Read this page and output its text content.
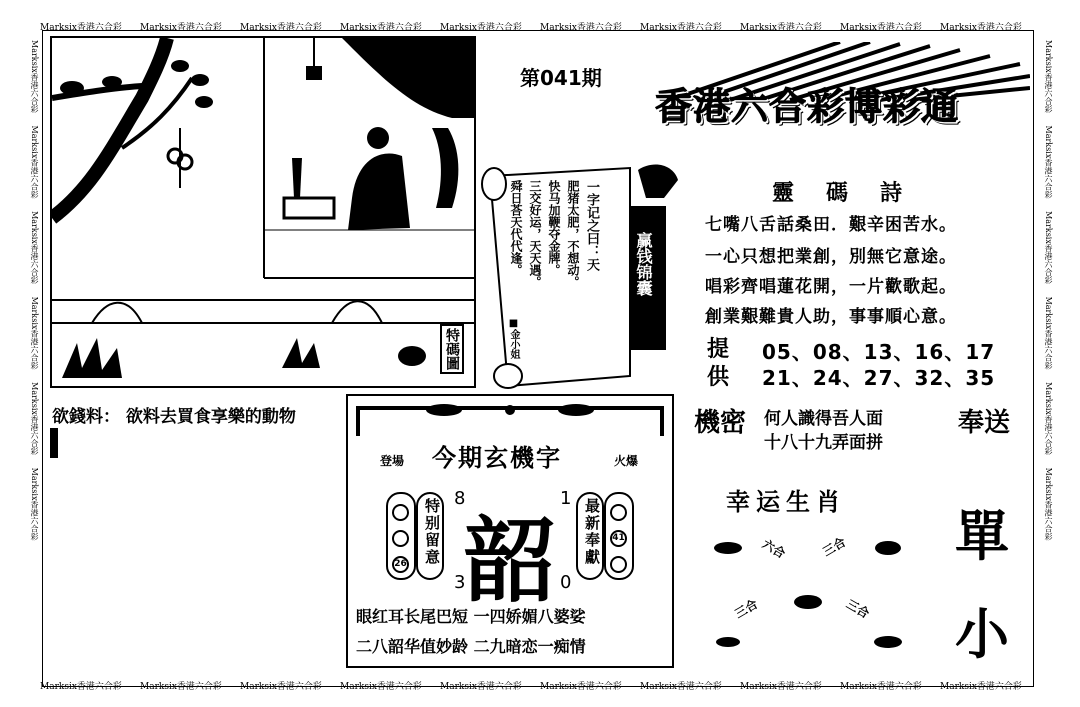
Marksix香港六合彩	Marksix香港六合彩	Marksix香港六合彩	Marksix香港六合彩	Marksix香港六合彩	Marksix香港六合彩	Marksix香港六合彩	Marksix香港六合彩	Marksix香港六合彩	Marksix香港六合彩
Marksix香港六合彩	Marksix香港六合彩	Marksix香港六合彩	Marksix香港六合彩	Marksix香港六合彩	Marksix香港六合彩	Marksix香港六合彩	Marksix香港六合彩	Marksix香港六合彩	Marksix香港六合彩
Marksix香港六合彩     Marksix香港六合彩     Marksix香港六合彩     Marksix香港六合彩     Marksix香港六合彩     Marksix香港六合彩
Marksix香港六合彩     Marksix香港六合彩     Marksix香港六合彩     Marksix香港六合彩     Marksix香港六合彩     Marksix香港六合彩
特碼圖
第041期
香港六合彩博彩通
一字记之曰：天
肥猪太肥，不想动。
快马加鞭夺金牌。
三交好运，天天遇。
舜日荅天代代逢。
■金小姐
赢钱锦囊
靈碼詩
七嘴八舌話桑田．艱辛困苦水。
一心只想把業創，別無它意途。
唱彩齊唱蓮花開，一片歡歌起。
創業艱難貴人助，事事順心意。
提
供
05、08、13、16、17
21、24、27、32、35
欲錢料： 欲料去買食享樂的動物
登場 今期玄機字	火爆
26 特别留意 8	1
韶
3	0
最新奉獻 41
眼红耳长尾巴短 一四娇媚八婆娑
二八韶华值妙龄 二九暗恋一痴情
機密 何人識得吾人面
十八十九弄面拼
奉送
幸运生肖
六合	三合
三合	三合
單
小
